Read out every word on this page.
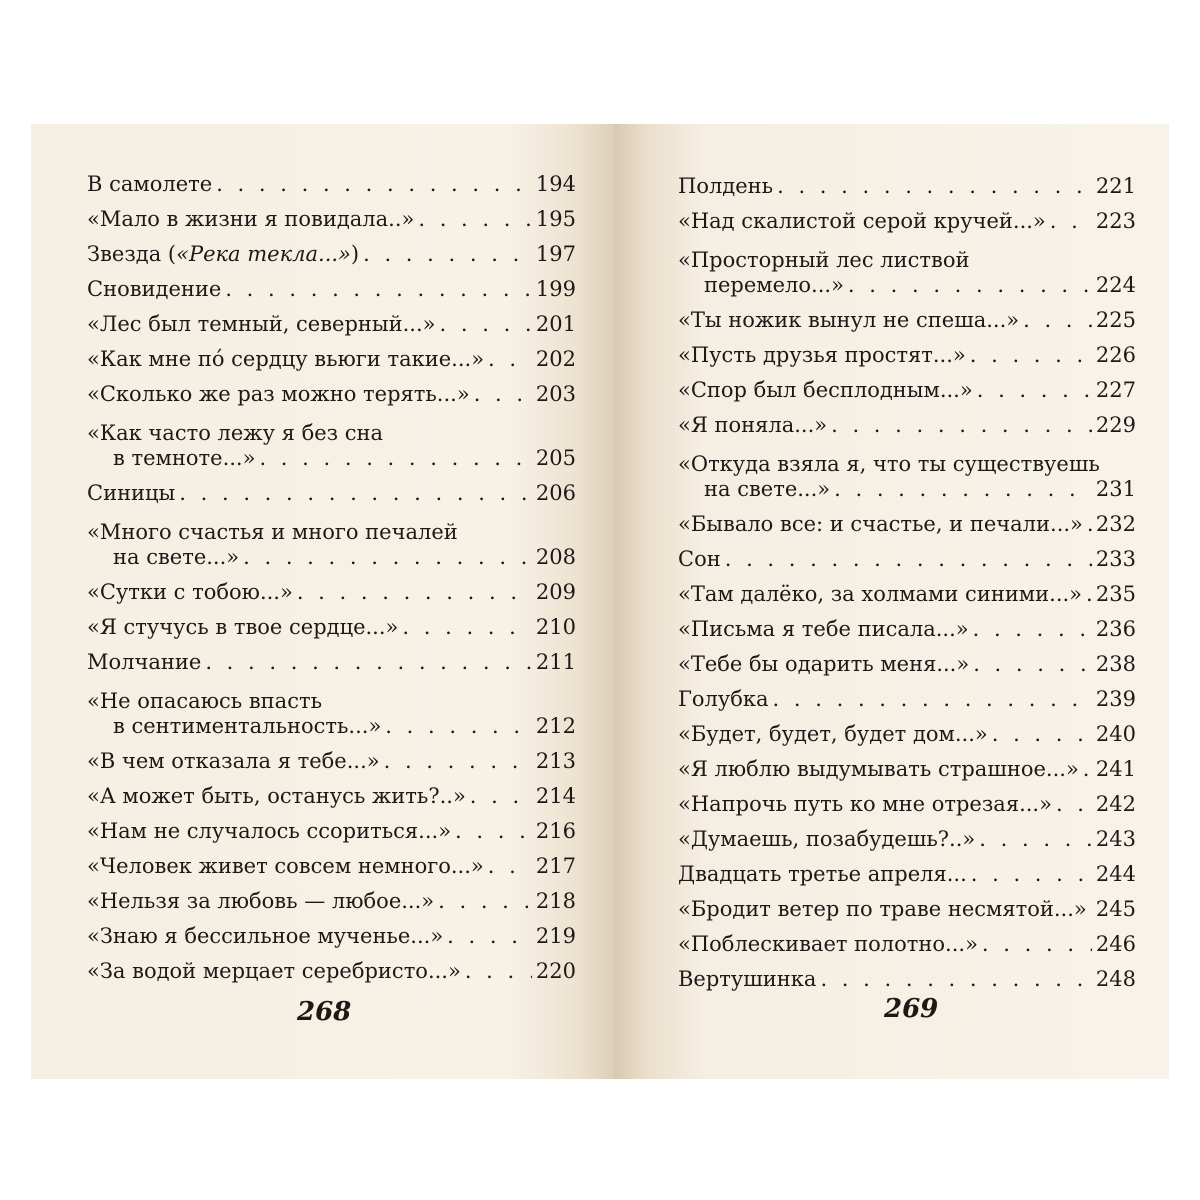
В самолете . . .	194
«Мало в жизни я повидала..» . . .	195
Звезда («Река текла...») . . .	197
Сновидение . . .	199
«Лес был темный, северный...» . . .	201
«Как мне пó сердцу вьюги такие...» . . . 202
«Сколько же раз можно терять...» . . .	203
«Как часто лежу я без сна
в темноте...» . . .	205
Синицы . . .	206
«Много счастья и много печалей
на свете...» . . .	208
«Сутки с тобою...» . . .	209
«Я стучусь в твое сердце...» . . .	210
Молчание . . .	211
«Не опасаюсь впасть
в сентиментальность...» . . .	212
«В чем отказала я тебе...» . . .	213
«А может быть, останусь жить?..» . . .	214
«Нам не случалось ссориться...» . . .	216
«Человек живет совсем немного...» . . . 217
«Нельзя за любовь — любое...» . . .	218
«Знаю я бессильное мученье...» . . .	219
«За водой мерцает серебристо...» . . .	220
268
Полдень . . .	221
«Над скалистой серой кручей...» . . . 223
«Просторный лес листвой
перемело...» . . .	224
«Ты ножик вынул не спеша...» . . .	225
«Пусть друзья простят...» . . .	226
«Спор был бесплодным...» . . .	227
«Я поняла...» . . .	229
«Откуда взяла я, что ты существуешь
на свете...» . . .	231
«Бывало все: и счастье, и печали...» . . . 232
Сон . . .	233
«Там далёко, за холмами синими...» . . . 235
«Письма я тебе писала...» . . .	236
«Тебе бы одарить меня...» . . .	238
Голубка . . .	239
«Будет, будет, будет дом...» . . .	240
«Я люблю выдумывать страшное...» . . . 241
«Напрочь путь ко мне отрезая...» . . . 242
«Думаешь, позабудешь?..» . . .	243
Двадцать третье апреля... . . .	244
«Бродит ветер по траве несмятой...» . . . 245
«Поблескивает полотно...» . . .	246
Вертушинка . . .	248
269
